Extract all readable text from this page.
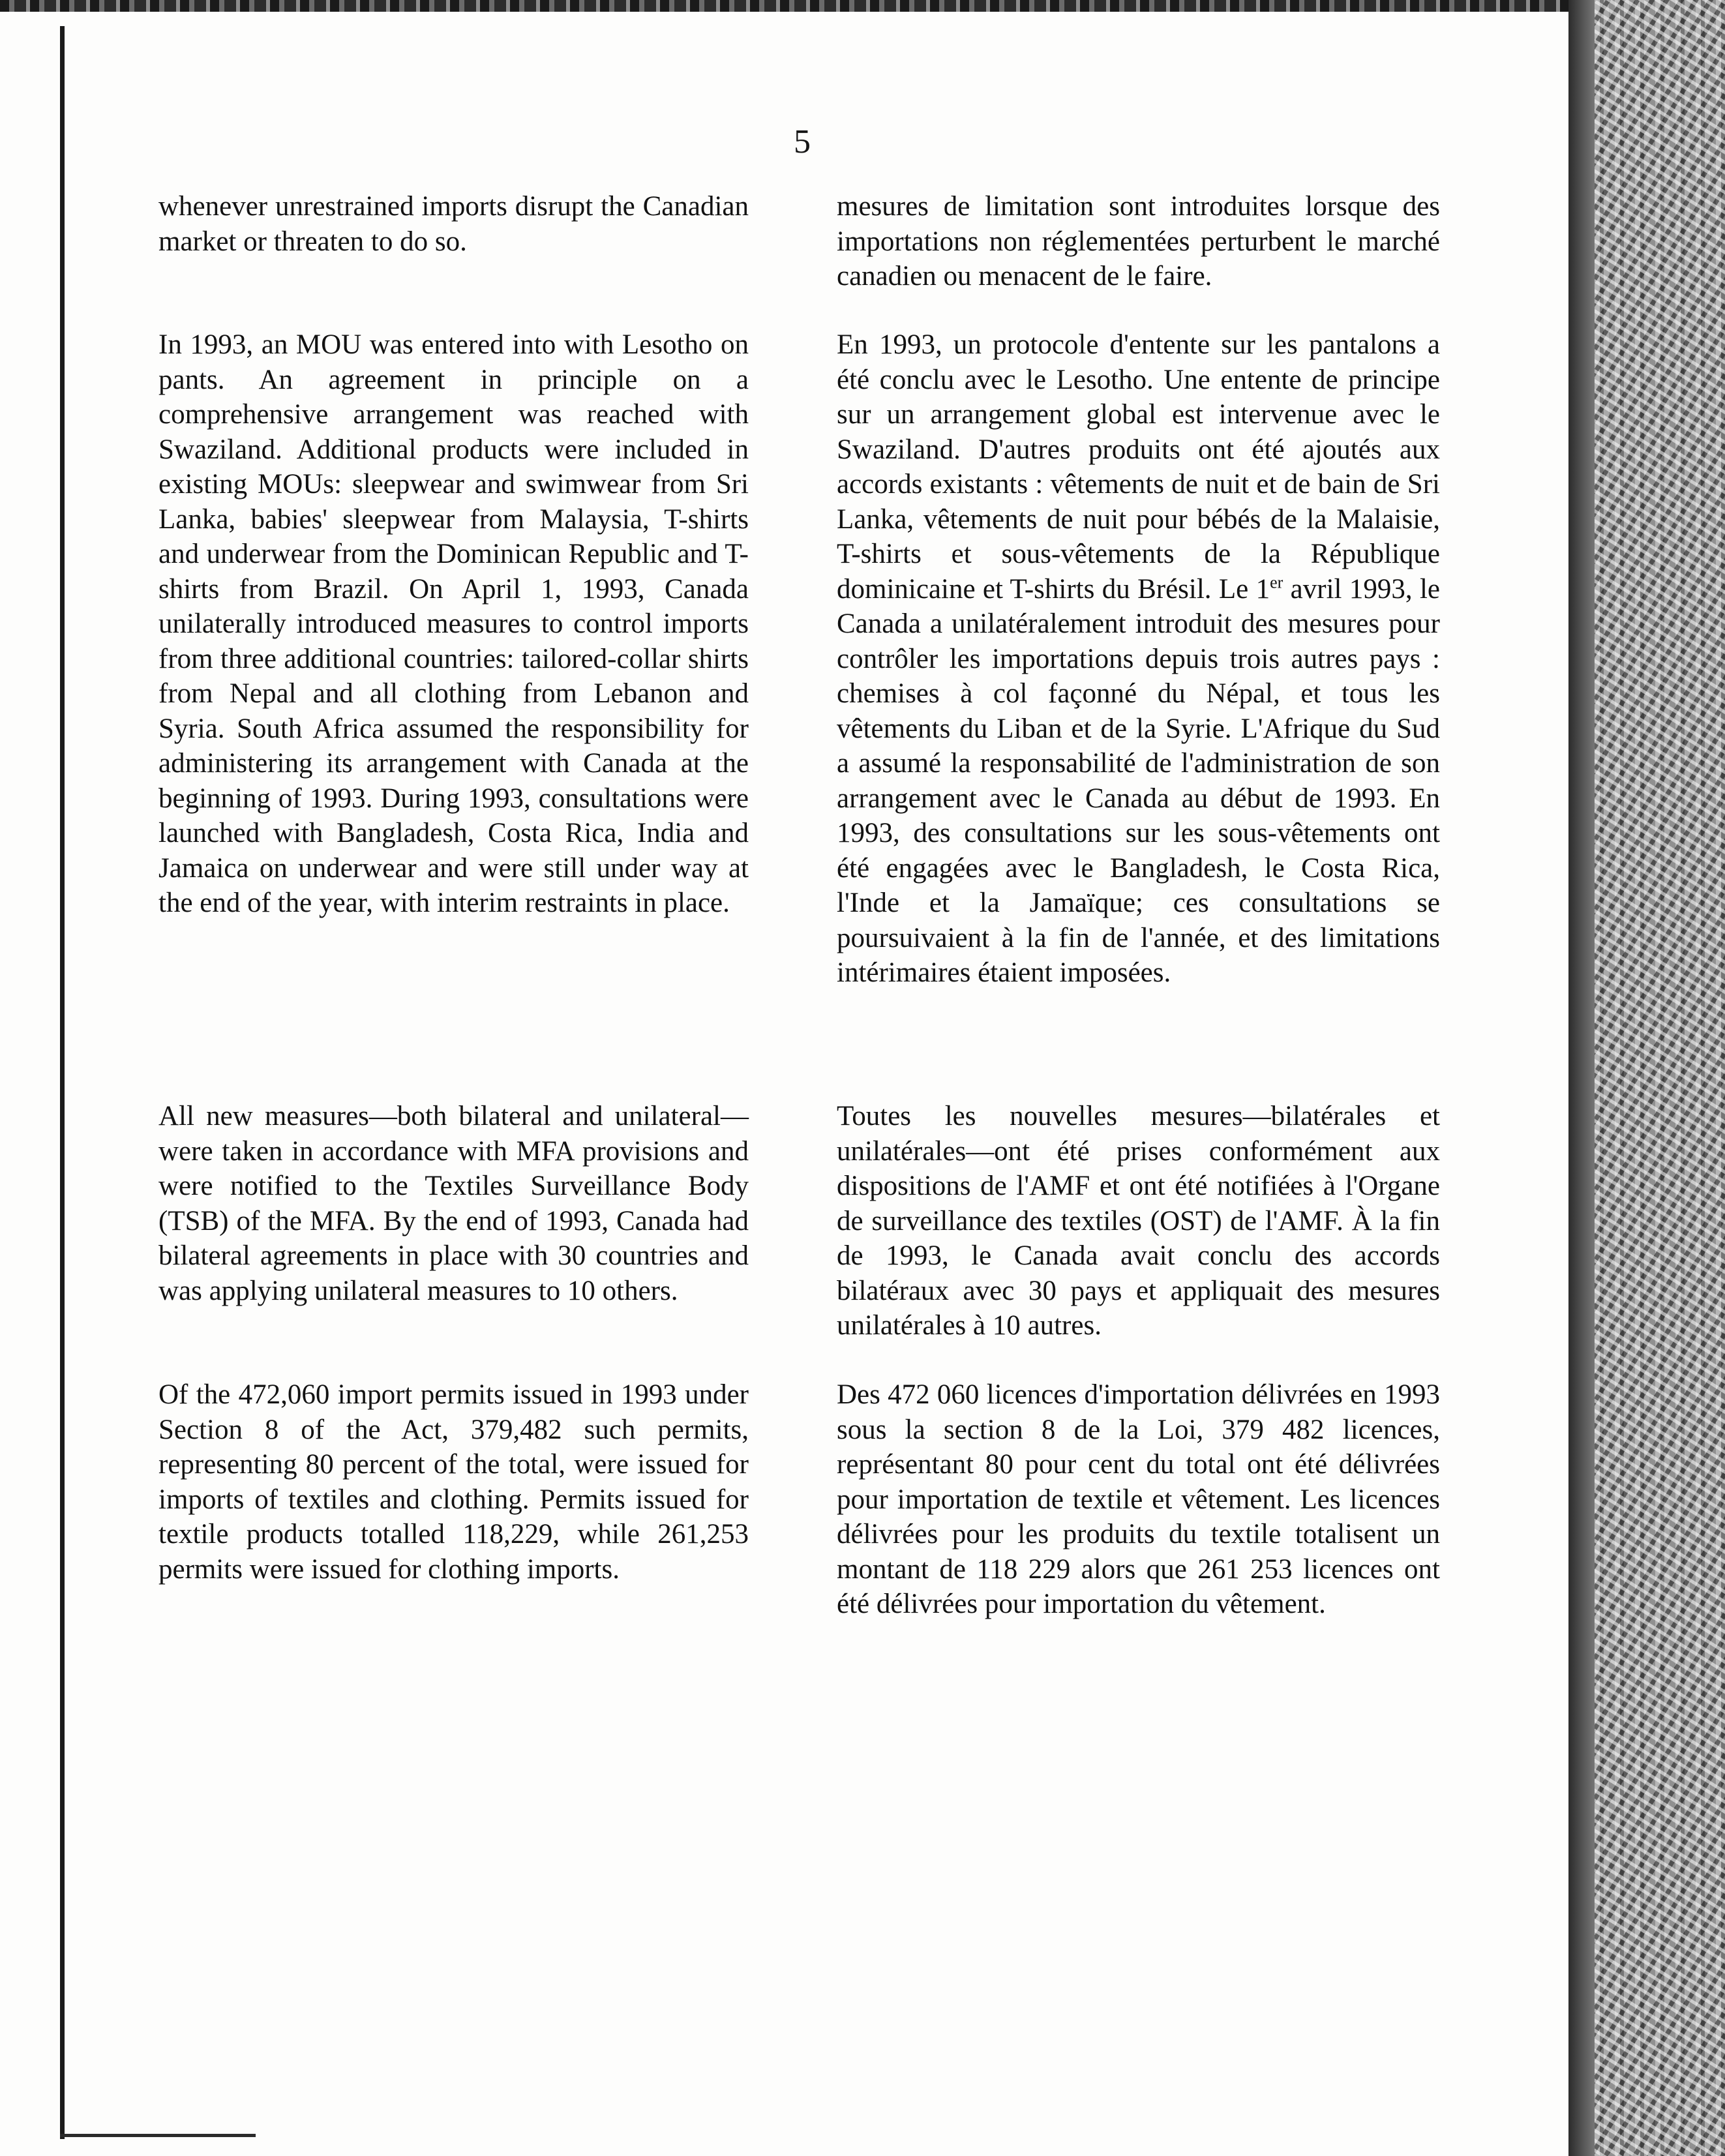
5

whenever unrestrained imports disrupt the Canadian market or threaten to do so.

In 1993, an MOU was entered into with Lesotho on pants. An agreement in principle on a comprehensive arrangement was reached with Swaziland. Additional products were included in existing MOUs: sleepwear and swimwear from Sri Lanka, babies' sleepwear from Malaysia, T-shirts and underwear from the Dominican Republic and T-shirts from Brazil. On April 1, 1993, Canada unilaterally introduced measures to control imports from three additional countries: tailored-collar shirts from Nepal and all clothing from Lebanon and Syria. South Africa assumed the responsibility for administering its arrangement with Canada at the beginning of 1993. During 1993, consultations were launched with Bangladesh, Costa Rica, India and Jamaica on underwear and were still under way at the end of the year, with interim restraints in place.

All new measures—both bilateral and unilateral—were taken in accordance with MFA provisions and were notified to the Textiles Surveillance Body (TSB) of the MFA. By the end of 1993, Canada had bilateral agreements in place with 30 countries and was applying unilateral measures to 10 others.

Of the 472,060 import permits issued in 1993 under Section 8 of the Act, 379,482 such permits, representing 80 percent of the total, were issued for imports of textiles and clothing. Permits issued for textile products totalled 118,229, while 261,253 permits were issued for clothing imports.

mesures de limitation sont introduites lorsque des importations non réglementées perturbent le marché canadien ou menacent de le faire.

En 1993, un protocole d'entente sur les pantalons a été conclu avec le Lesotho. Une entente de principe sur un arrangement global est intervenue avec le Swaziland. D'autres produits ont été ajoutés aux accords existants : vêtements de nuit et de bain de Sri Lanka, vêtements de nuit pour bébés de la Malaisie, T-shirts et sous-vêtements de la République dominicaine et T-shirts du Brésil. Le 1er avril 1993, le Canada a unilatéralement introduit des mesures pour contrôler les importations depuis trois autres pays : chemises à col façonné du Népal, et tous les vêtements du Liban et de la Syrie. L'Afrique du Sud a assumé la responsabilité de l'administration de son arrangement avec le Canada au début de 1993. En 1993, des consultations sur les sous-vêtements ont été engagées avec le Bangladesh, le Costa Rica, l'Inde et la Jamaïque; ces consultations se poursuivaient à la fin de l'année, et des limitations intérimaires étaient imposées.

Toutes les nouvelles mesures—bilatérales et unilatérales—ont été prises conformément aux dispositions de l'AMF et ont été notifiées à l'Organe de surveillance des textiles (OST) de l'AMF. À la fin de 1993, le Canada avait conclu des accords bilatéraux avec 30 pays et appliquait des mesures unilatérales à 10 autres.

Des 472 060 licences d'importation délivrées en 1993 sous la section 8 de la Loi, 379 482 licences, représentant 80 pour cent du total ont été délivrées pour importation de textile et vêtement. Les licences délivrées pour les produits du textile totalisent un montant de 118 229 alors que 261 253 licences ont été délivrées pour importation du vêtement.
